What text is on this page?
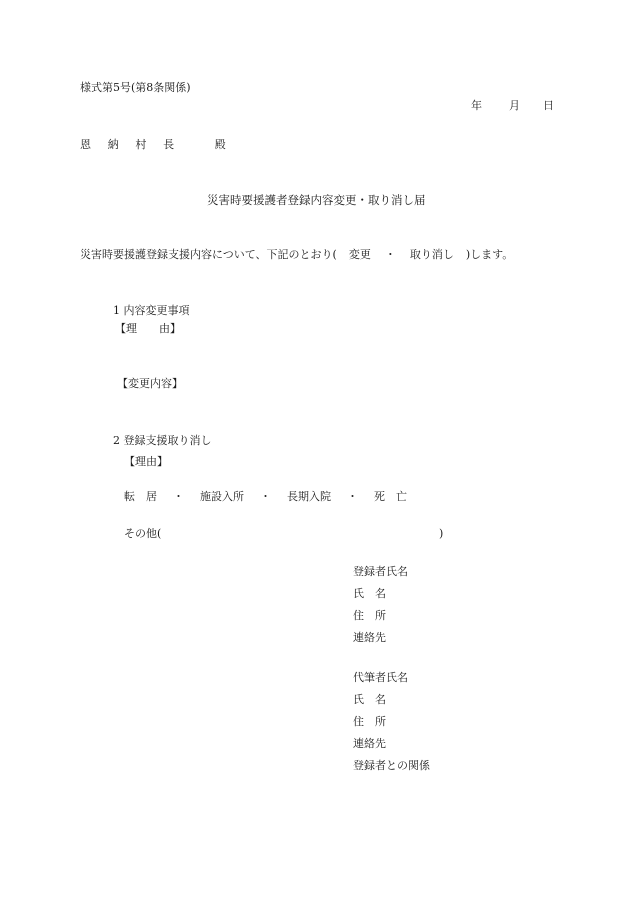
様式第5号(第8条関係)
年 月 日
恩 納 村 長	殿
災害時要援護者登録内容変更・取り消し届
災害時要援護登録支援内容について、下記のとおり( 変更 ・ 取り消し )します。
1 内容変更事項
【理　　由】
【変更内容】
2 登録支援取り消し
【理由】
転　居 ・ 施設入所 ・ 長期入院 ・ 死　亡
その他(	)
登録者氏名
氏　名
住　所
連絡先
代筆者氏名
氏　名
住　所
連絡先
登録者との関係
